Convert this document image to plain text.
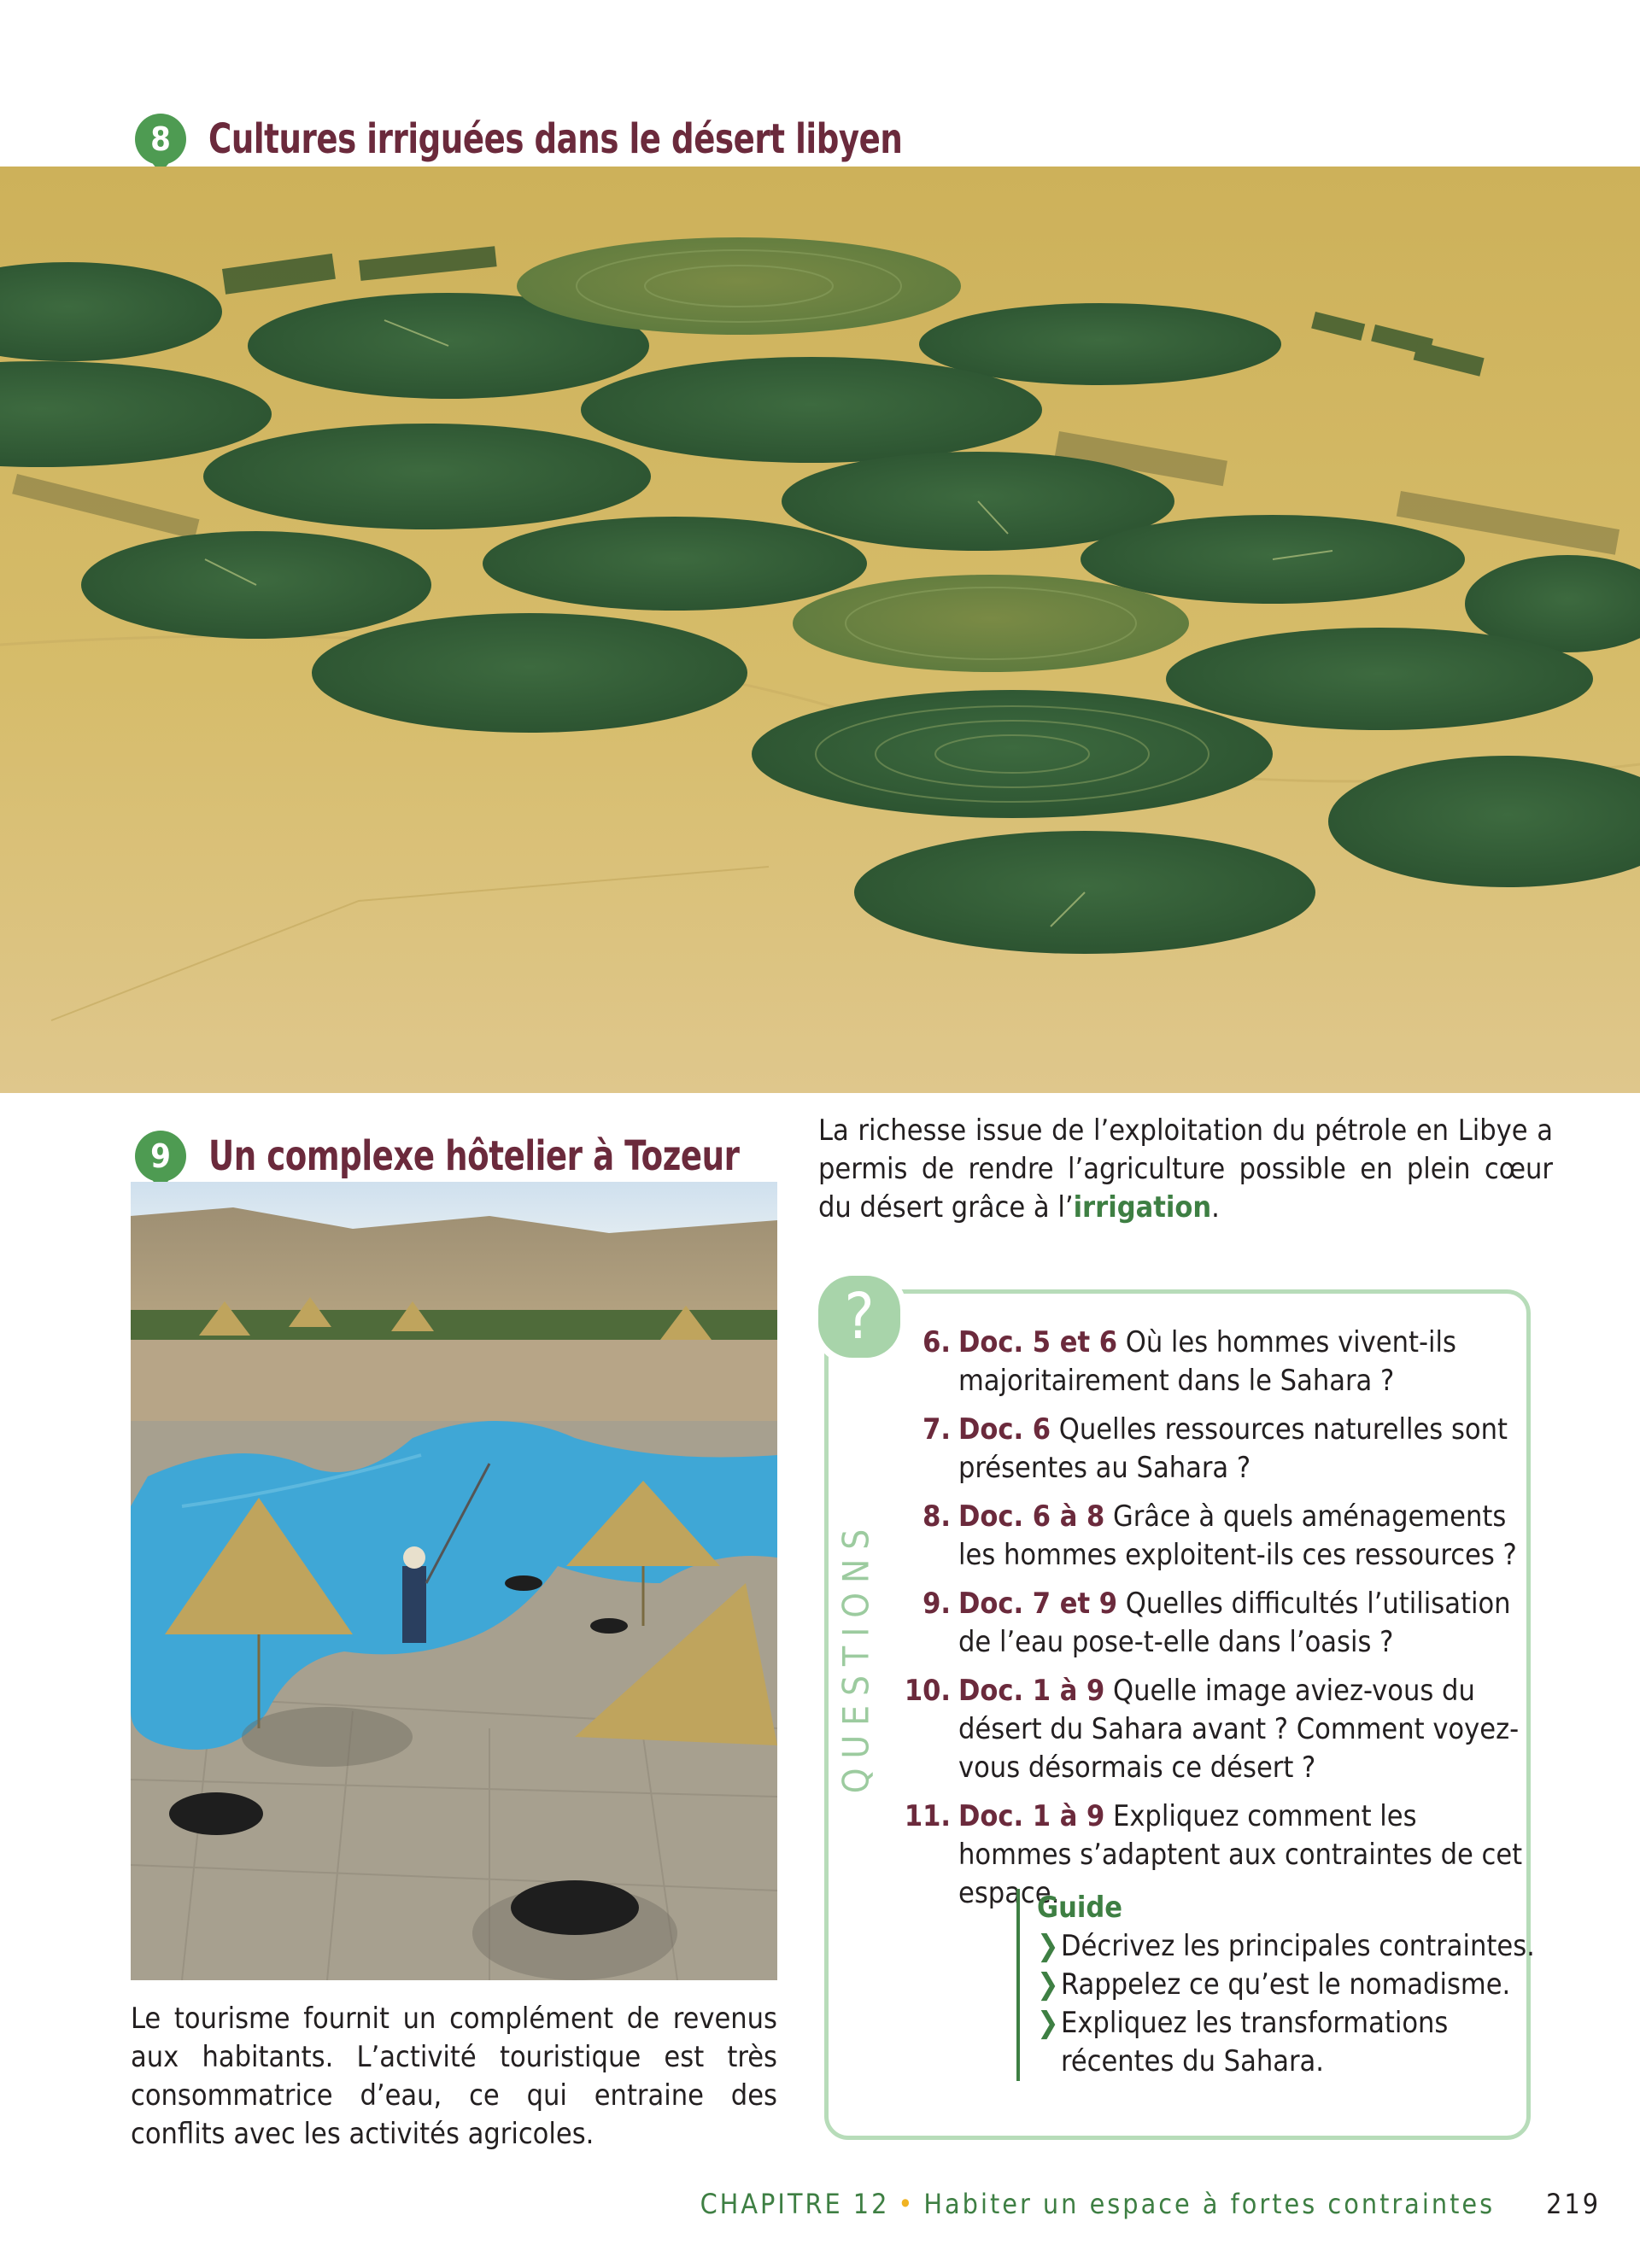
8 Cultures irriguées dans le désert libyen
9 Un complexe hôtelier à Tozeur

Le tourisme fournit un complément de revenus aux habitants. L’activité touristique est très consommatrice d’eau, ce qui entraine des conflits avec les activités agricoles.

La richesse issue de l’exploitation du pétrole en Libye a permis de rendre l’agriculture possible en plein cœur du désert grâce à l’irrigation.

?
QUESTIONS
6. Doc. 5 et 6 Où les hommes vivent-ils majoritairement dans le Sahara ?
7. Doc. 6 Quelles ressources naturelles sont présentes au Sahara ?
8. Doc. 6 à 8 Grâce à quels aménagements les hommes exploitent-ils ces ressources ?
9. Doc. 7 et 9 Quelles difficultés l’utilisation de l’eau pose-t-elle dans l’oasis ?
10. Doc. 1 à 9 Quelle image aviez-vous du désert du Sahara avant ? Comment voyez-vous désormais ce désert ?
11. Doc. 1 à 9 Expliquez comment les hommes s’adaptent aux contraintes de cet espace.
Guide
❯ Décrivez les principales contraintes.
❯ Rappelez ce qu’est le nomadisme.
❯ Expliquez les transformations récentes du Sahara.
CHAPITRE 12 • Habiter un espace à fortes contraintes 219
